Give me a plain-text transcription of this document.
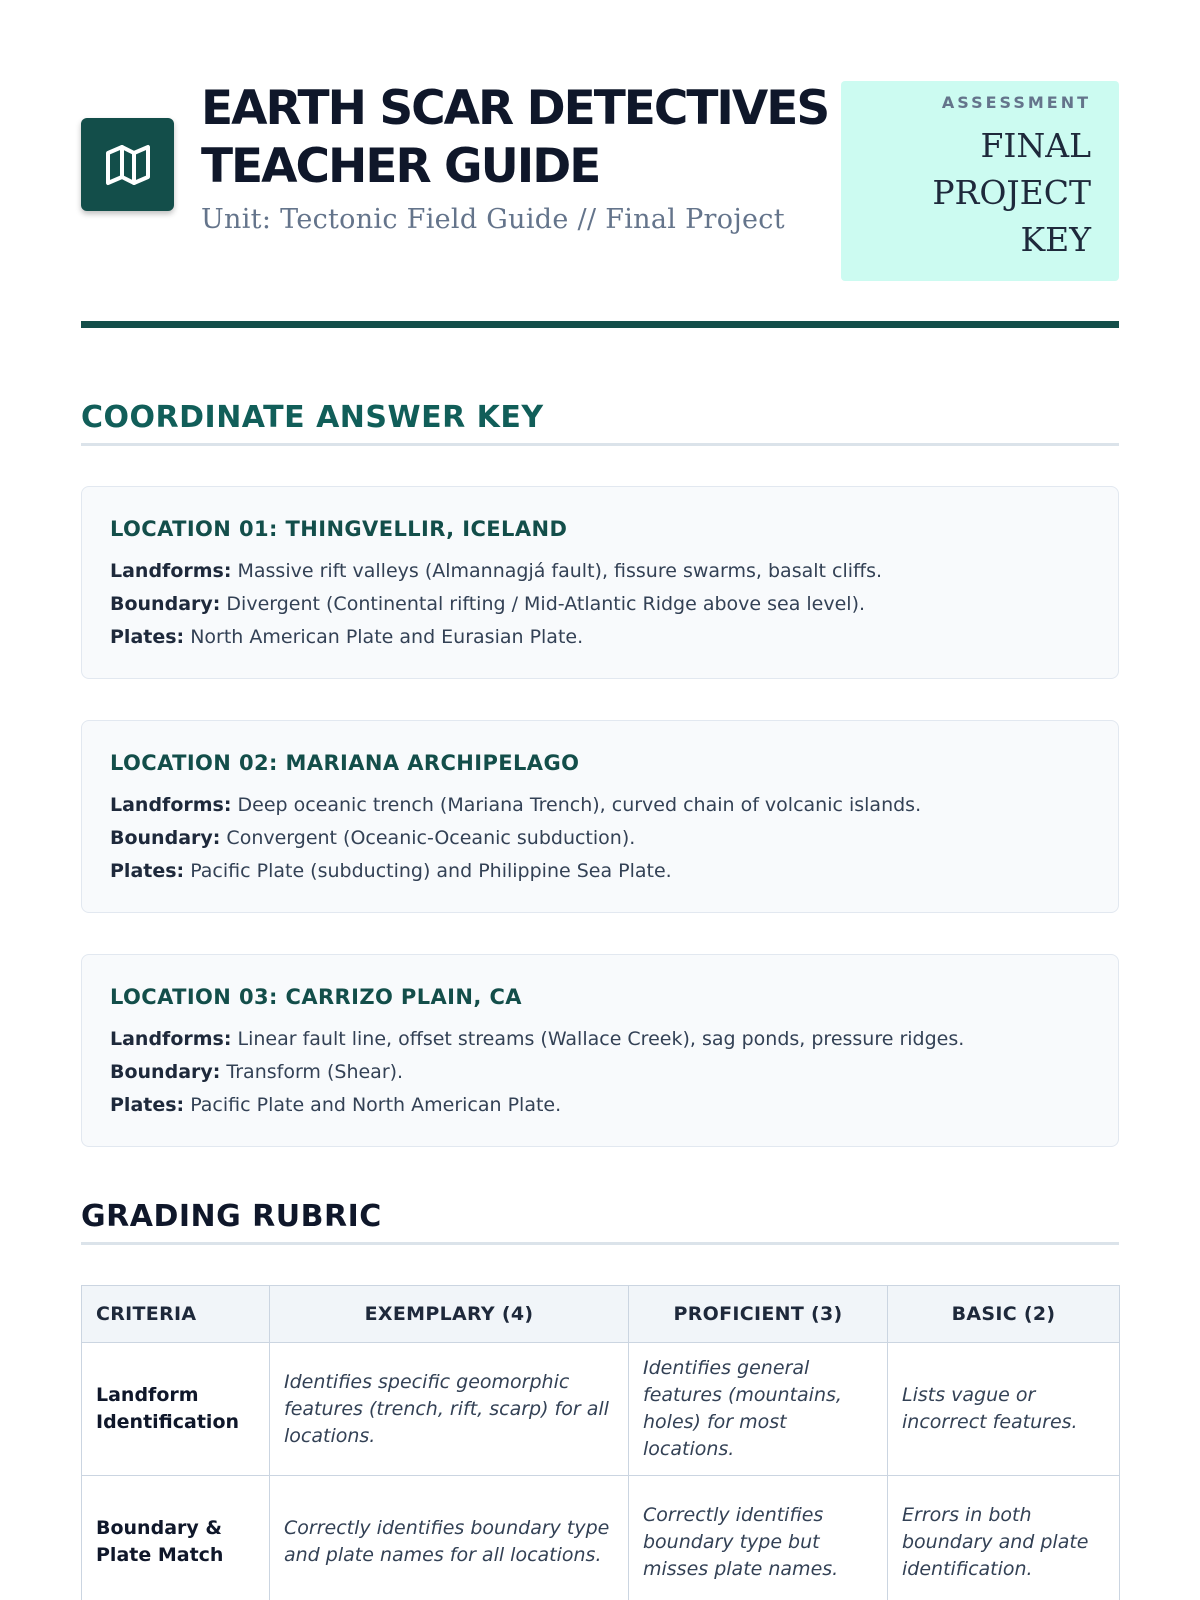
EARTH SCAR DETECTIVES
TEACHER GUIDE

Unit: Tectonic Field Guide // Final Project

ASSESSMENT
FINAL
PROJECT
KEY
COORDINATE ANSWER KEY
LOCATION 01: THINGVELLIR, ICELAND
Landforms: Massive rift valleys (Almannagjá fault), fissure swarms, basalt cliffs.
Boundary: Divergent (Continental rifting / Mid-Atlantic Ridge above sea level).
Plates: North American Plate and Eurasian Plate.
LOCATION 02: MARIANA ARCHIPELAGO
Landforms: Deep oceanic trench (Mariana Trench), curved chain of volcanic islands.
Boundary: Convergent (Oceanic-Oceanic subduction).
Plates: Pacific Plate (subducting) and Philippine Sea Plate.
LOCATION 03: CARRIZO PLAIN, CA
Landforms: Linear fault line, offset streams (Wallace Creek), sag ponds, pressure ridges.
Boundary: Transform (Shear).
Plates: Pacific Plate and North American Plate.
GRADING RUBRIC
CRITERIA	EXEMPLARY (4)	PROFICIENT (3)	BASIC (2)
Landform Identification	Identifies specific geomorphic features (trench, rift, scarp) for all locations.	Identifies general features (mountains, holes) for most locations.	Lists vague or incorrect features.
Boundary & Plate Match	Correctly identifies boundary type and plate names for all locations.	Correctly identifies boundary type but misses plate names.	Errors in both boundary and plate identification.
